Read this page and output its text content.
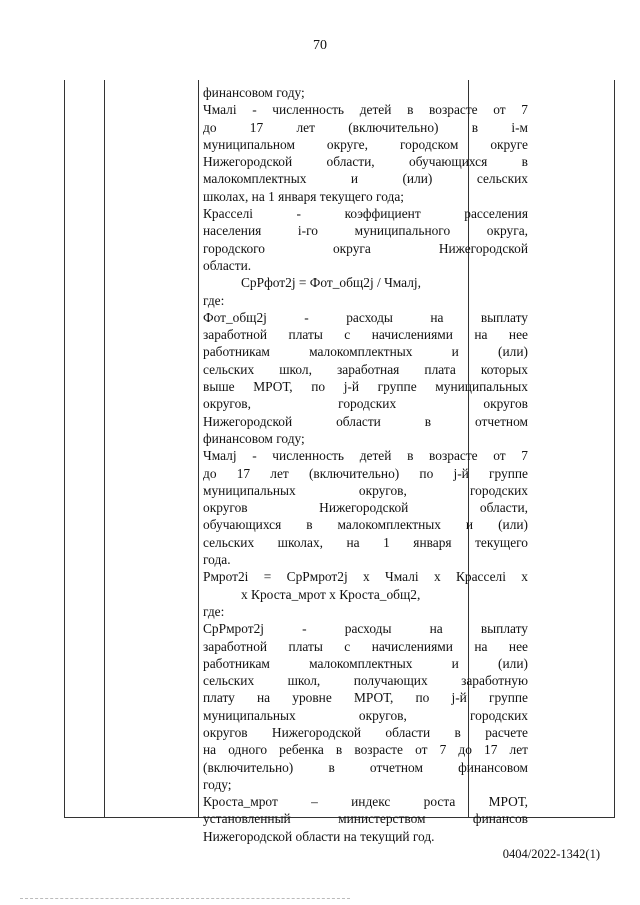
70

финансовом году;

Чмалi - численность детей в возрасте от 7

до 17 лет (включительно) в i-м

муниципальном округе, городском округе

Нижегородской области, обучающихся в

малокомплектных и (или) сельских

школах, на 1 января текущего года;

Красселi - коэффициент расселения

населения i-го муниципального округа,

городского округа Нижегородской

области.

СрРфот2j = Фот_общ2j / Чмалj,

где:

Фот_общ2j - расходы на выплату

заработной платы с начислениями на нее

работникам малокомплектных и (или)

сельских школ, заработная плата которых

выше МРОТ, по j-й группе муниципальных

округов, городских округов

Нижегородской области в отчетном

финансовом году;

Чмалj - численность детей в возрасте от 7

до 17 лет (включительно) по j-й группе

муниципальных округов, городских

округов Нижегородской области,

обучающихся в малокомплектных и (или)

сельских школах, на 1 января текущего

года.

Рмрот2i = СрРмрот2j x Чмалi x Красселi x

x Кроста_мрот x Кроста_общ2,

где:

СрРмрот2j - расходы на выплату

заработной платы с начислениями на нее

работникам малокомплектных и (или)

сельских школ, получающих заработную

плату на уровне МРОТ, по j-й группе

муниципальных округов, городских

округов Нижегородской области в расчете

на одного ребенка в возрасте от 7 до 17 лет

(включительно) в отчетном финансовом

году;

Кроста_мрот – индекс роста МРОТ,

установленный министерством финансов

Нижегородской области на текущий год.

0404/2022-1342(1)
